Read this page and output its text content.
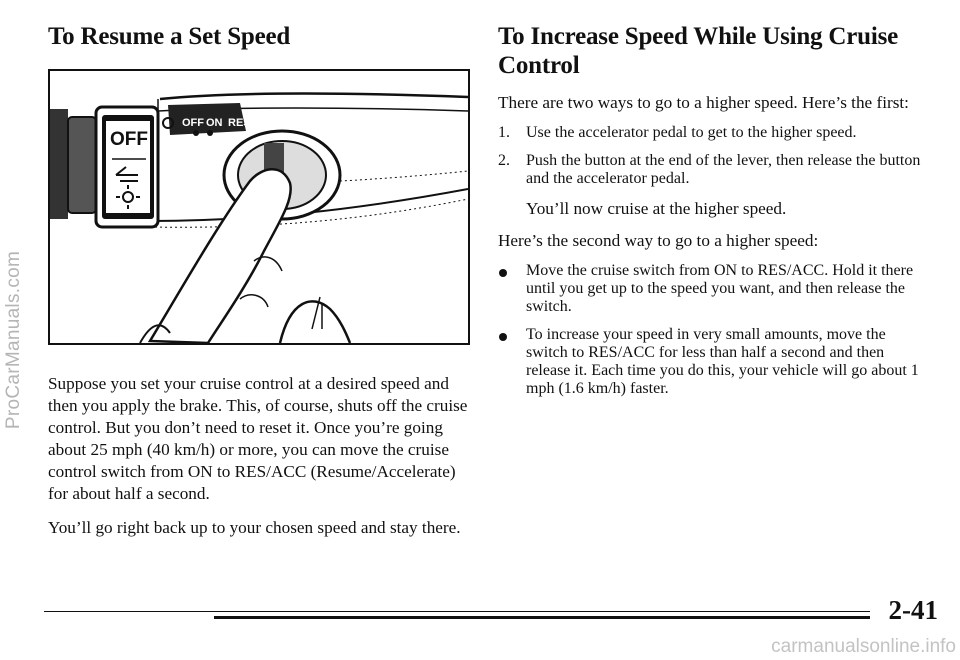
ProCarManuals.com
To Resume a Set Speed
OFF ON RES/ACC
OFF

Suppose you set your cruise control at a desired speed and then you apply the brake. This, of course, shuts off the cruise control. But you don’t need to reset it. Once you’re going about 25 mph (40 km/h) or more, you can move the cruise control switch from ON to RES/ACC (Resume/Accelerate) for about half a second.

You’ll go right back up to your chosen speed and stay there.

To Increase Speed While Using Cruise Control

There are two ways to go to a higher speed. Here’s the first:

1.	Use the accelerator pedal to get to the higher speed.
2.	Push the button at the end of the lever, then release the button and the accelerator pedal.

You’ll now cruise at the higher speed.

Here’s the second way to go to a higher speed:

Move the cruise switch from ON to RES/ACC. Hold it there until you get up to the speed you want, and then release the switch.
To increase your speed in very small amounts, move the switch to RES/ACC for less than half a second and then release it. Each time you do this, your vehicle will go about 1 mph (1.6 km/h) faster.
2-41
carmanualsonline.info
